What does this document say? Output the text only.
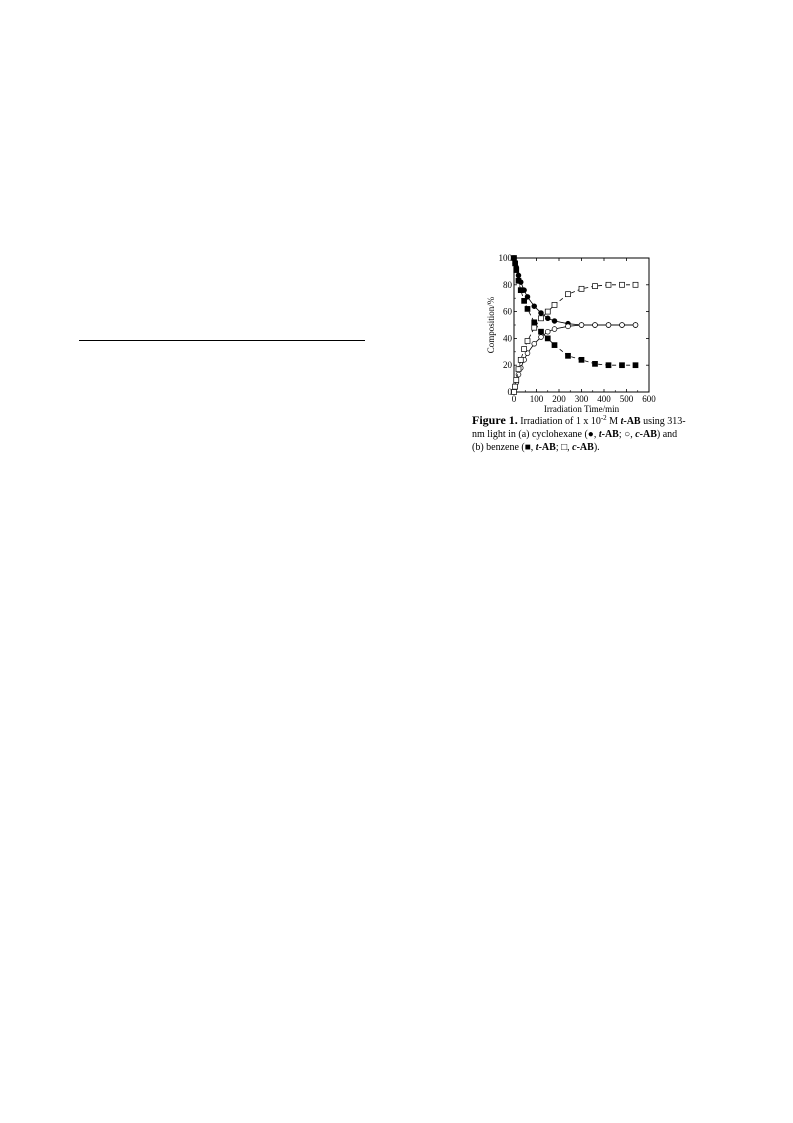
0 100 200 300 400 500 600
0
20
40
60
80
100
Irradiation Time/min
Composition/%
Figure 1. Irradiation of 1 x $10^{-2}$ M t-AB using 313-nm light in (a) cyclohexane (●, t-AB; ○, c-AB) and (b) benzene (■, t-AB; □, c-AB).
